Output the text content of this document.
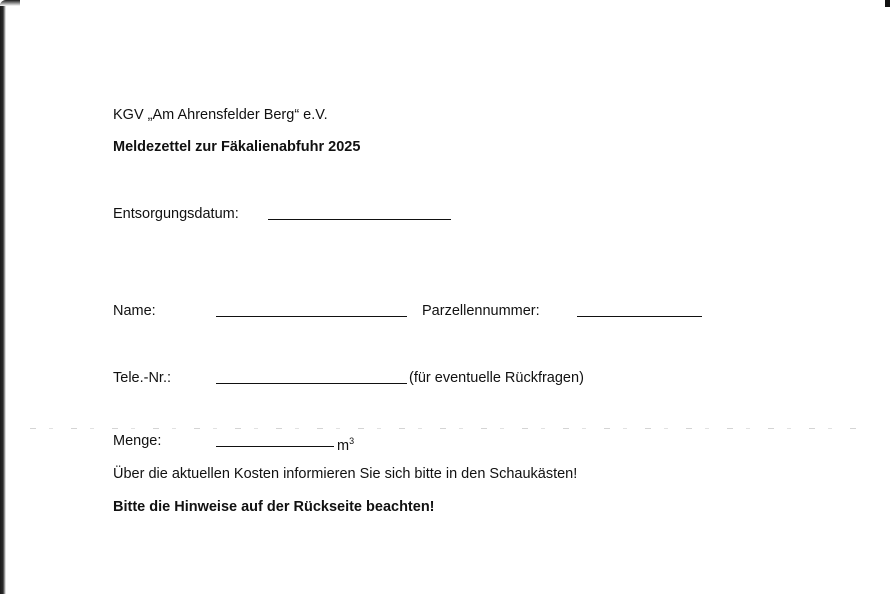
KGV „Am Ahrensfelder Berg“ e.V.
Meldezettel zur Fäkalienabfuhr 2025
Entsorgungsdatum:
Name:	Parzellennummer:
Tele.-Nr.:	(für eventuelle Rückfragen)
Menge:	$m^3$
Über die aktuellen Kosten informieren Sie sich bitte in den Schaukästen!
Bitte die Hinweise auf der Rückseite beachten!
